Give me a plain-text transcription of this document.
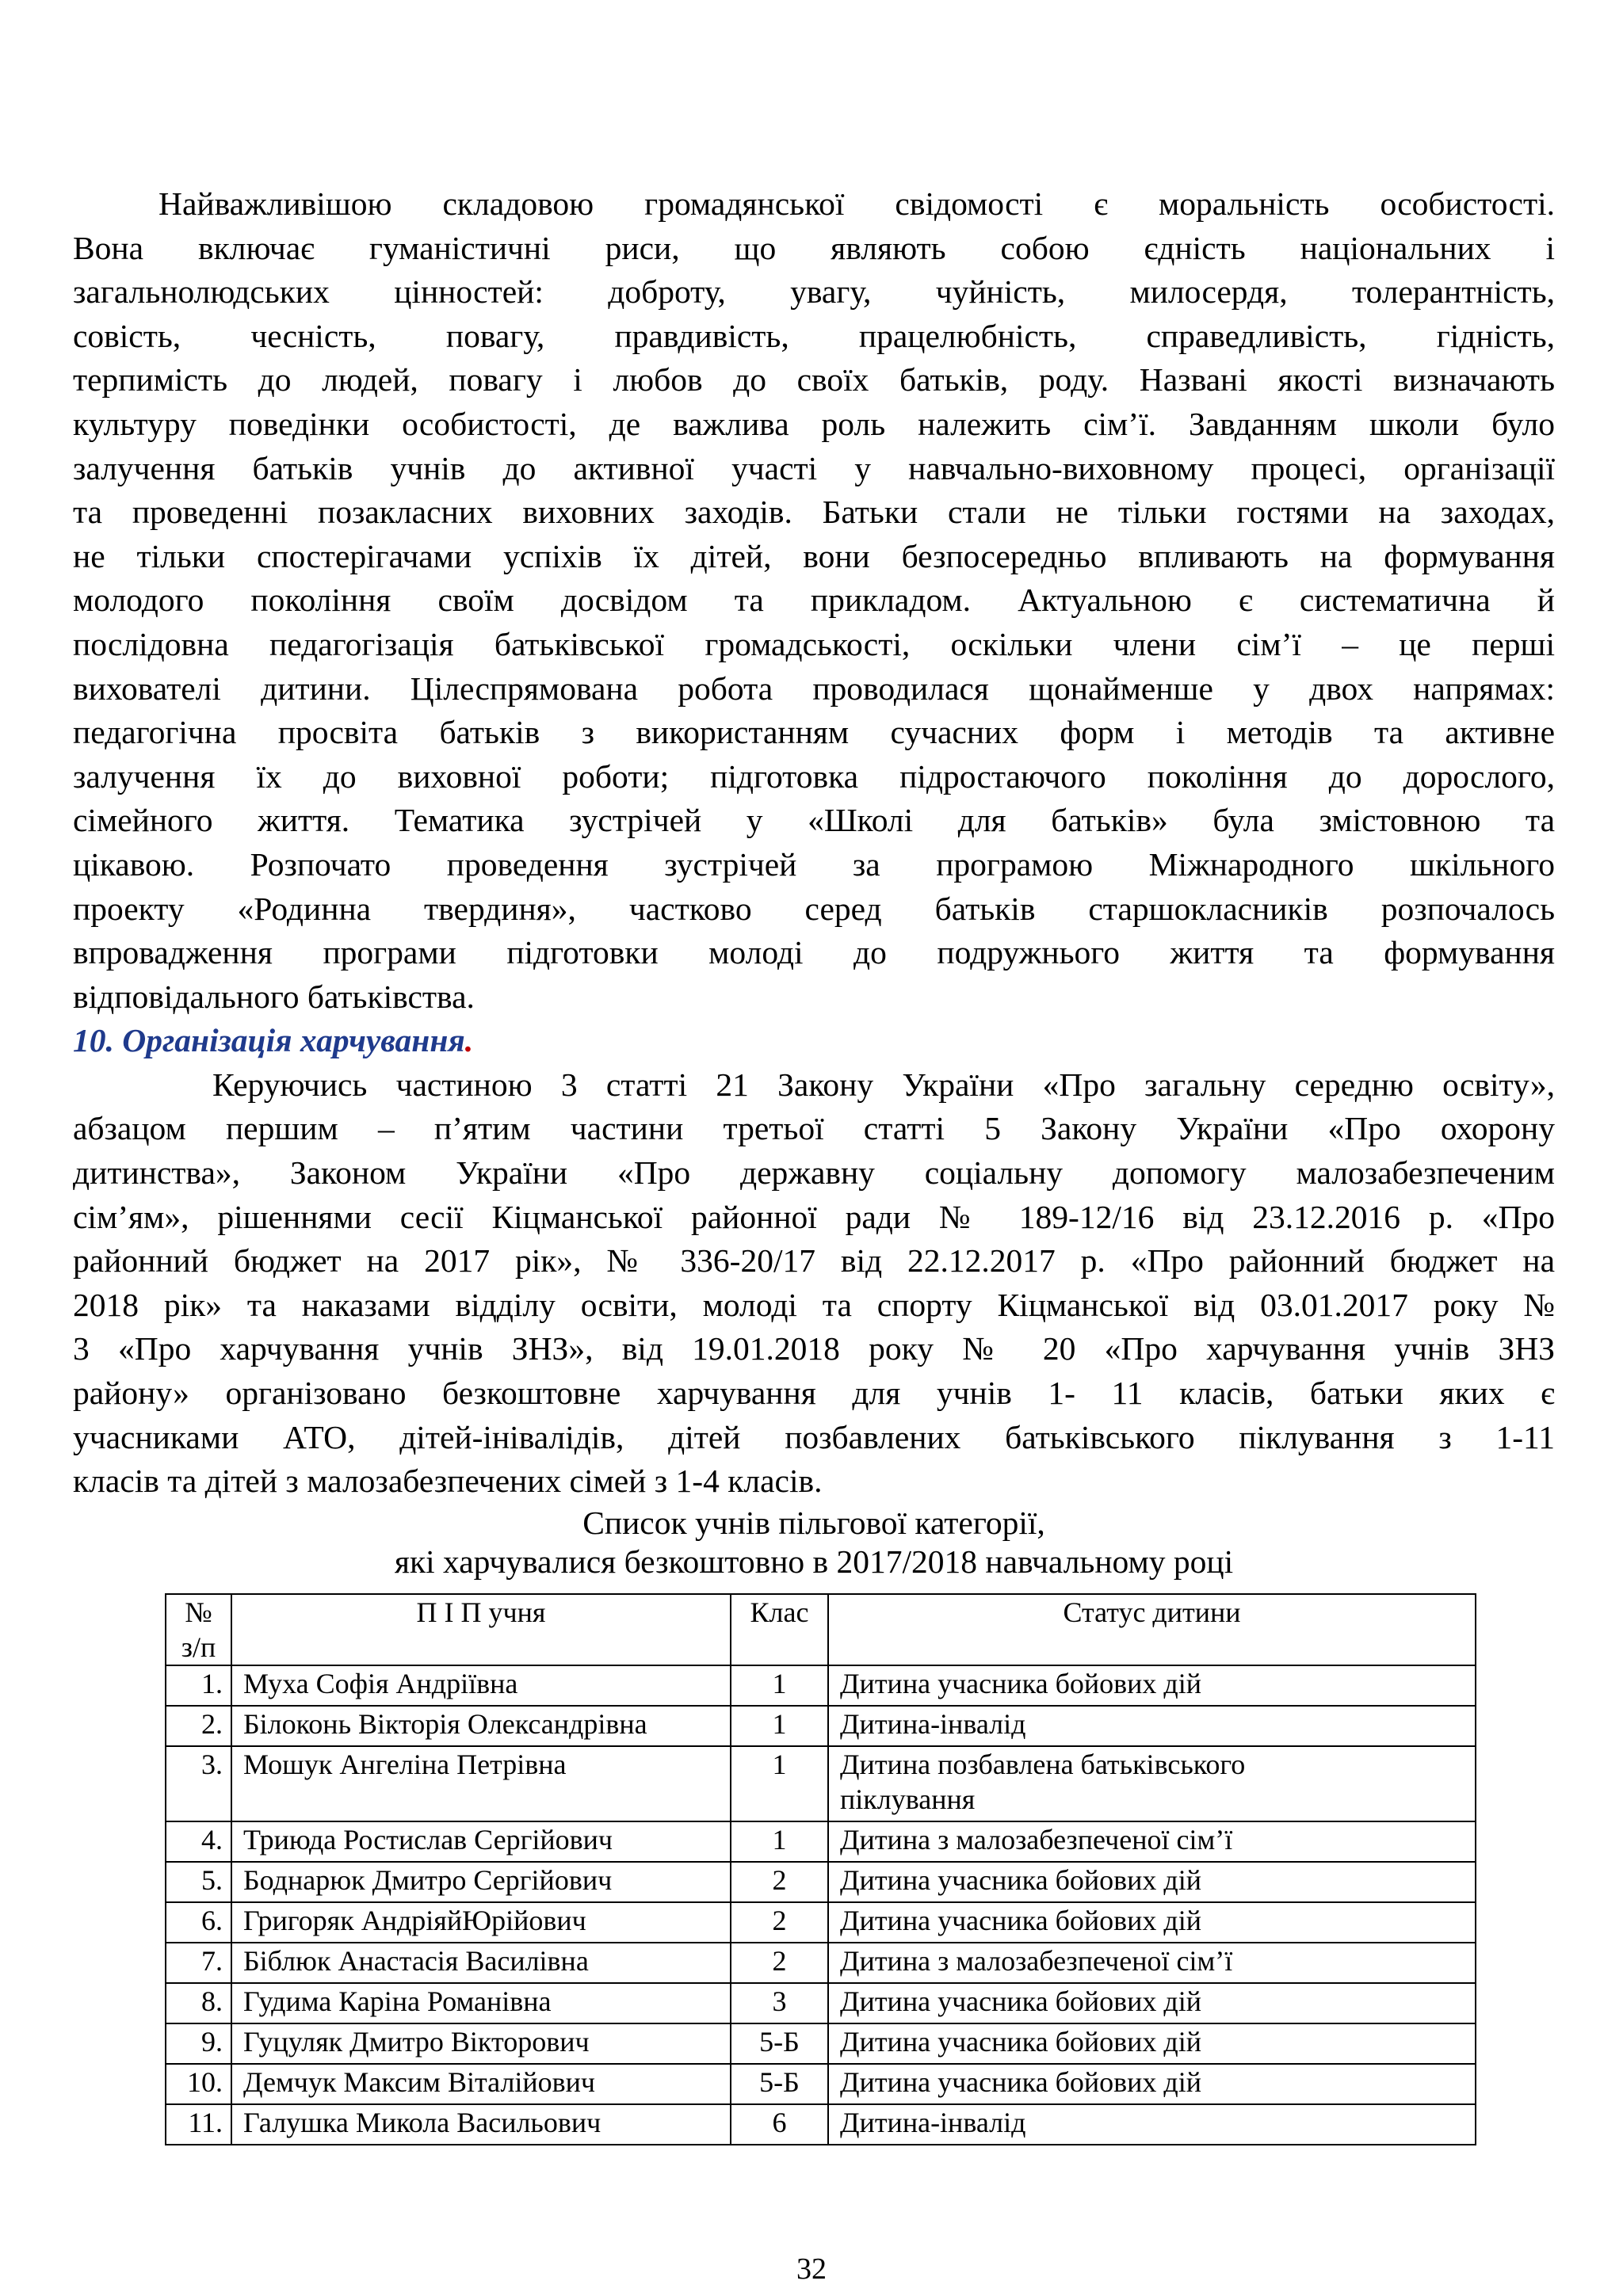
Найважливішою складовою громадянської свідомості є моральність особистості.
Вона включає гуманістичні риси, що являють собою єдність національних і
загальнолюдських цінностей: доброту, увагу, чуйність, милосердя, толерантність,
совість, чесність, повагу, правдивість, працелюбність, справедливість, гідність,
терпимість до людей, повагу і любов до своїх батьків, роду. Названі якості визначають
культуру поведінки особистості, де важлива роль належить сім’ї. Завданням школи було
залучення батьків учнів до активної участі у навчально-виховному процесі, організації
та проведенні позакласних виховних заходів. Батьки стали не тільки гостями на заходах,
не тільки спостерігачами успіхів їх дітей, вони безпосередньо впливають на формування
молодого покоління своїм досвідом та прикладом. Актуальною є систематична й
послідовна педагогізація батьківської громадськості, оскільки члени сім’ї – це перші
вихователі дитини. Цілеспрямована робота проводилася щонайменше у двох напрямах:
педагогічна просвіта батьків з використанням сучасних форм і методів та активне
залучення їх до виховної роботи; підготовка підростаючого покоління до дорослого,
сімейного життя. Тематика зустрічей у «Школі для батьків» була змістовною та
цікавою. Розпочато проведення зустрічей за програмою Міжнародного шкільного
проекту «Родинна твердиня», частково серед батьків старшокласників розпочалось
впровадження програми підготовки молоді до подружнього життя та формування
відповідального батьківства.

10. Організація харчування.

Керуючись частиною 3 статті 21 Закону України «Про загальну середню освіту»,
абзацом першим – п’ятим частини третьої статті 5 Закону України «Про охорону
дитинства», Законом України «Про державну соціальну допомогу малозабезпеченим
сім’ям», рішеннями сесії Кіцманської районної ради № 189-12/16 від 23.12.2016 р. «Про
районний бюджет на 2017 рік», № 336-20/17 від 22.12.2017 р. «Про районний бюджет на
2018 рік» та наказами відділу освіти, молоді та спорту Кіцманської від 03.01.2017 року №
3 «Про харчування учнів ЗНЗ», від 19.01.2018 року № 20 «Про харчування учнів ЗНЗ
району» організовано безкоштовне харчування для учнів 1- 11 класів, батьки яких є
учасниками АТО, дітей-інівалідів, дітей позбавлених батьківського піклування з 1-11
класів та дітей з малозабезпечених сімей з 1-4 класів.

Список учнів пільгової категорії,
які харчувалися безкоштовно в 2017/2018 навчальному році

№
з/п	П І П учня	Клас	Статус дитини
1.	Муха Софія Андріївна	1	Дитина учасника бойових дій
2.	Білоконь Вікторія Олександрівна	1	Дитина-інвалід
3.	Мошук Ангеліна Петрівна	1	Дитина позбавлена батьківського
піклування
4.	Триюда Ростислав Сергійович	1	Дитина з малозабезпеченої сім’ї
5.	Боднарюк Дмитро Сергійович	2	Дитина учасника бойових дій
6.	Григоряк АндріяйЮрійович	2	Дитина учасника бойових дій
7.	Біблюк Анастасія Василівна	2	Дитина з малозабезпеченої сім’ї
8.	Гудима Каріна Романівна	3	Дитина учасника бойових дій
9.	Гуцуляк Дмитро Вікторович	5-Б	Дитина учасника бойових дій
10.	Демчук Максим Віталійович	5-Б	Дитина учасника бойових дій
11.	Галушка Микола Васильович	6	Дитина-інвалід
32
